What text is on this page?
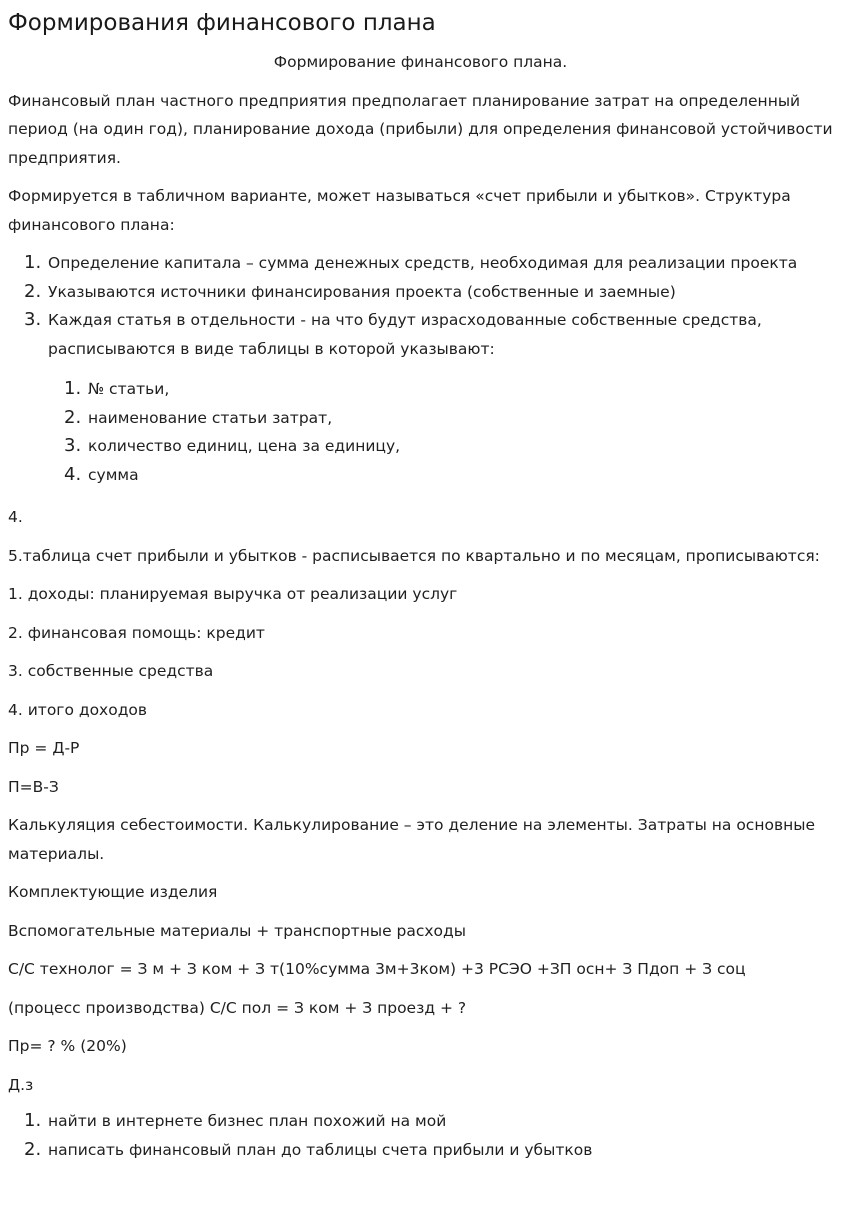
Формирования финансового плана

Формирование финансового плана.

Финансовый план частного предприятия предполагает планирование затрат на определенный период (на один год), планирование дохода (прибыли) для определения финансовой устойчивости предприятия.

Формируется в табличном варианте, может называться «счет прибыли и убытков». Структура финансового плана:

1. Определение капитала – сумма денежных средств, необходимая для реализации проекта
2. Указываются источники финансирования проекта (собственные и заемные)
3. Каждая статья в отдельности - на что будут израсходованные собственные средства, расписываются в виде таблицы в которой указывают:
1. № статьи,
2. наименование статьи затрат,
3. количество единиц, цена за единицу,
4. сумма

4.

5.таблица счет прибыли и убытков - расписывается по квартально и по месяцам, прописываются:

1. доходы: планируемая выручка от реализации услуг

2. финансовая помощь: кредит

3. собственные средства

4. итого доходов

Пр = Д-Р

П=В-З

Калькуляция себестоимости. Калькулирование – это деление на элементы. Затраты на основные материалы.

Комплектующие изделия

Вспомогательные материалы + транспортные расходы

С/С технолог = З м + З ком + З т(10%сумма 3м+3ком) +3 РСЭО +ЗП осн+ З Пдоп + З соц

(процесс производства) С/С пол = З ком + З проезд + ?

Пр= ? % (20%)

Д.з

1. найти в интернете бизнес план похожий на мой
2. написать финансовый план до таблицы счета прибыли и убытков
